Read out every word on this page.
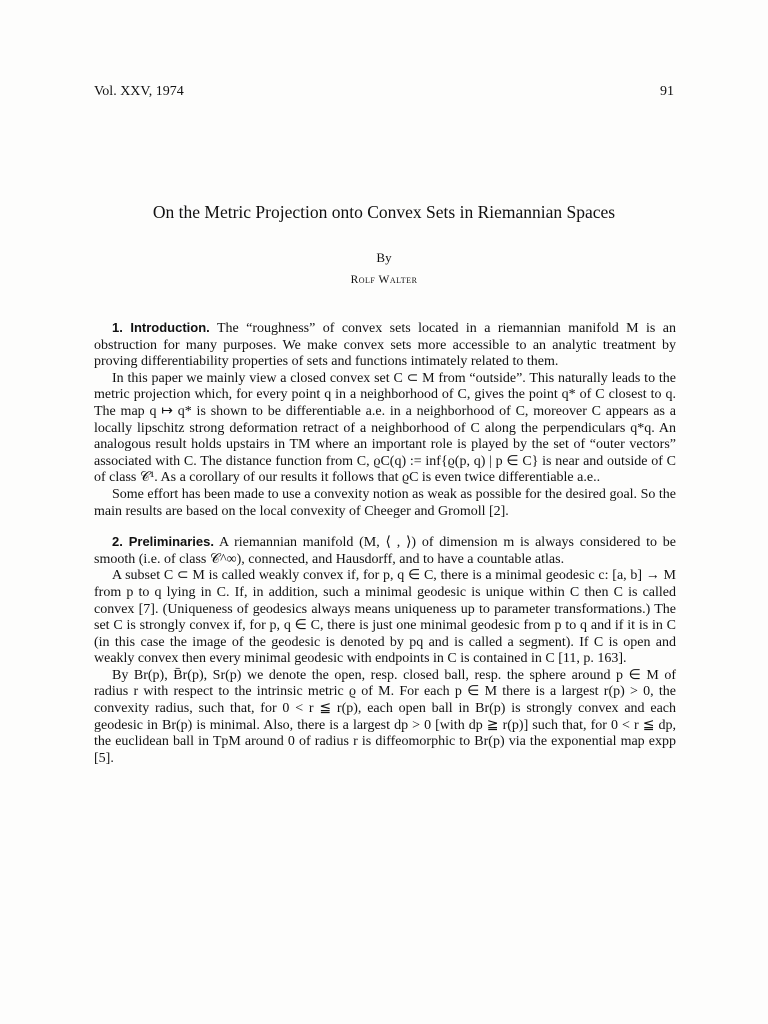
Vol. XXV, 1974	91
On the Metric Projection onto Convex Sets in Riemannian Spaces
By
Rolf Walter

1. Introduction. The “roughness” of convex sets located in a riemannian manifold M is an obstruction for many purposes. We make convex sets more accessible to an analytic treatment by proving differentiability properties of sets and functions intimately related to them.

In this paper we mainly view a closed convex set C ⊂ M from “outside”. This naturally leads to the metric projection which, for every point q in a neighborhood of C, gives the point q* of C closest to q. The map q ↦ q* is shown to be differentiable a.e. in a neighborhood of C, moreover C appears as a locally lipschitz strong deformation retract of a neighborhood of C along the perpendiculars q*q. An analogous result holds upstairs in TM where an important role is played by the set of “outer vectors” associated with C. The distance function from C, ϱC(q) := inf{ϱ(p, q) | p ∈ C} is near and outside of C of class 𝒞¹. As a corollary of our results it follows that ϱC is even twice differentiable a.e..

Some effort has been made to use a convexity notion as weak as possible for the desired goal. So the main results are based on the local convexity of Cheeger and Gromoll [2].

2. Preliminaries. A riemannian manifold (M, ⟨ , ⟩) of dimension m is always considered to be smooth (i.e. of class 𝒞^∞), connected, and Hausdorff, and to have a countable atlas.

A subset C ⊂ M is called weakly convex if, for p, q ∈ C, there is a minimal geodesic c: [a, b] → M from p to q lying in C. If, in addition, such a minimal geodesic is unique within C then C is called convex [7]. (Uniqueness of geodesics always means uniqueness up to parameter transformations.) The set C is strongly convex if, for p, q ∈ C, there is just one minimal geodesic from p to q and if it is in C (in this case the image of the geodesic is denoted by pq and is called a segment). If C is open and weakly convex then every minimal geodesic with endpoints in C is contained in C [11, p. 163].

By Br(p), B̄r(p), Sr(p) we denote the open, resp. closed ball, resp. the sphere around p ∈ M of radius r with respect to the intrinsic metric ϱ of M. For each p ∈ M there is a largest r(p) > 0, the convexity radius, such that, for 0 < r ≦ r(p), each open ball in Br(p) is strongly convex and each geodesic in Br(p) is minimal. Also, there is a largest dp > 0 [with dp ≧ r(p)] such that, for 0 < r ≦ dp, the euclidean ball in TpM around 0 of radius r is diffeomorphic to Br(p) via the exponential map expp [5].
